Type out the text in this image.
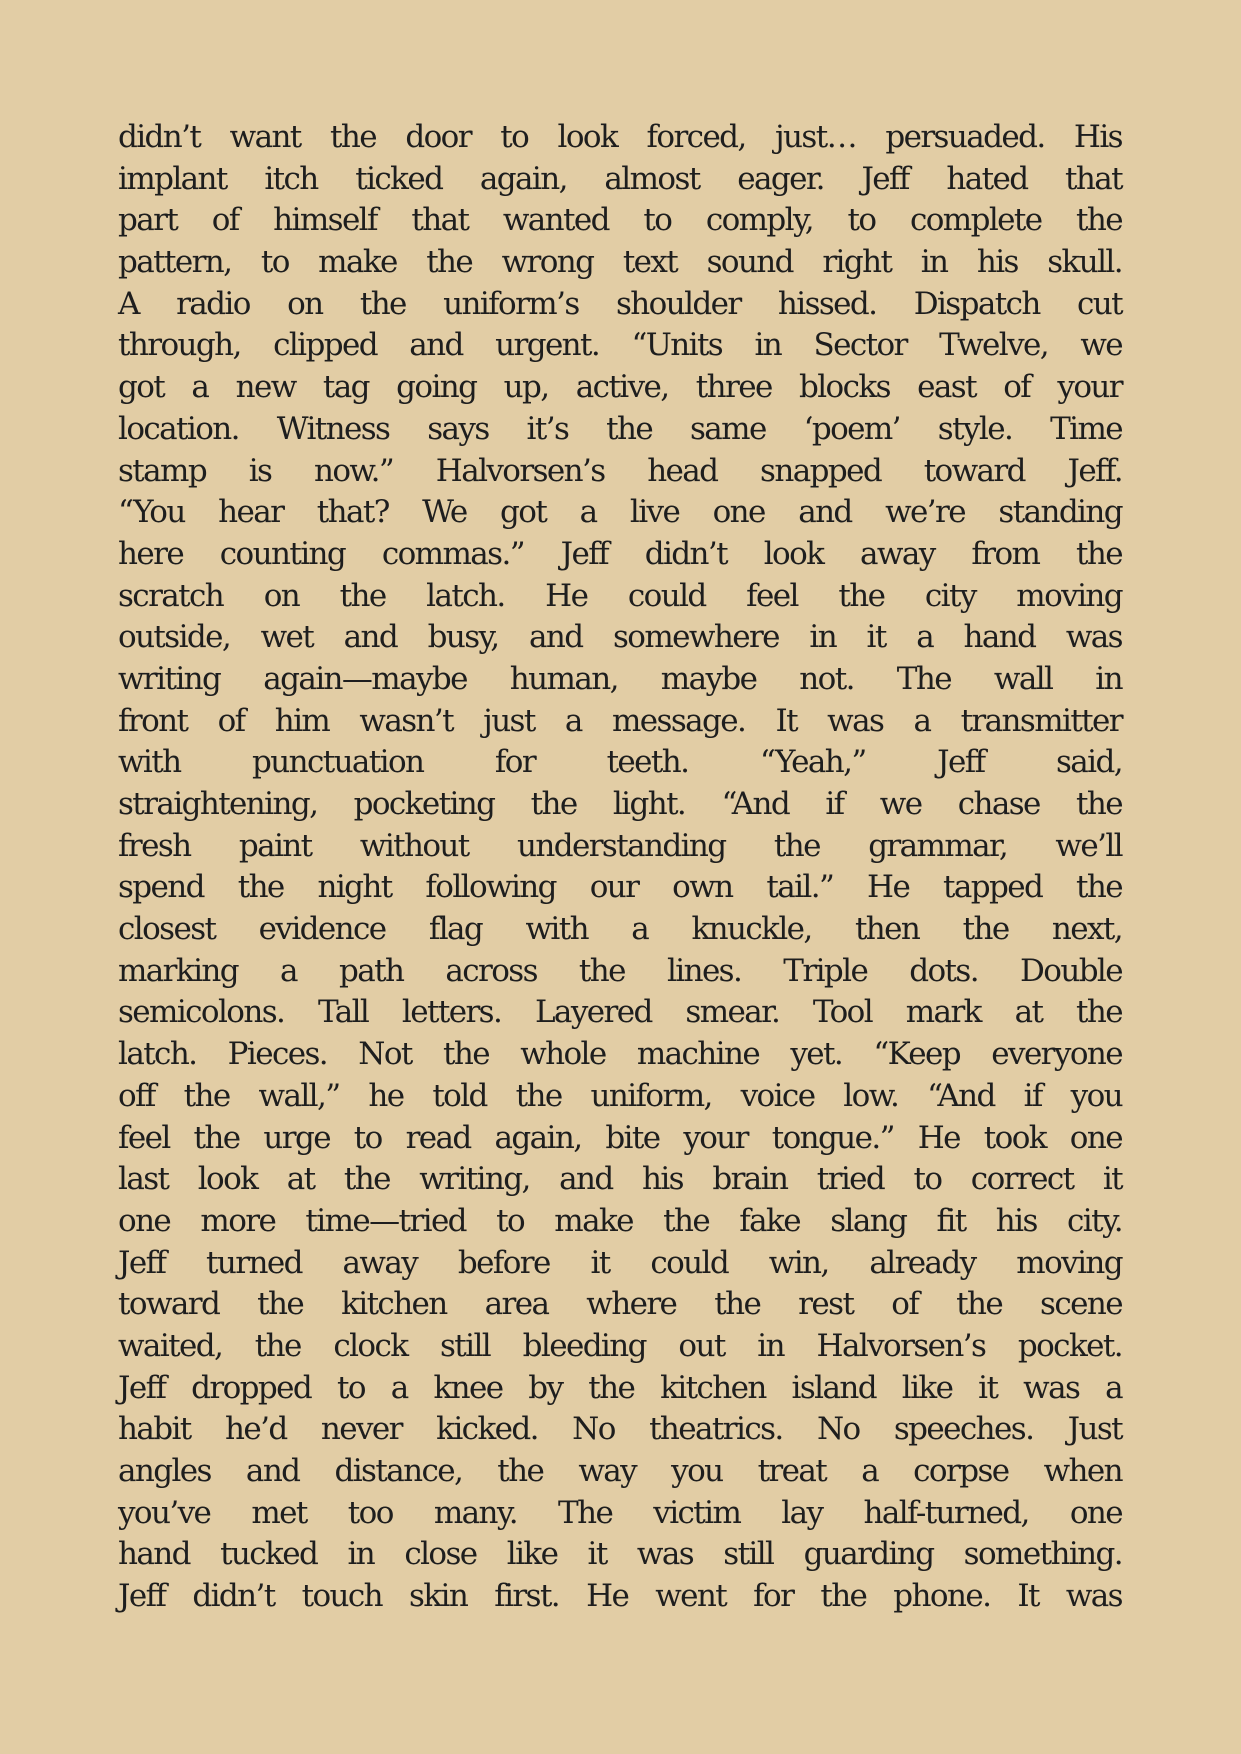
didn’t want the door to look forced, just… persuaded. His
implant itch ticked again, almost eager. Jeff hated that
part of himself that wanted to comply, to complete the
pattern, to make the wrong text sound right in his skull.
A radio on the uniform’s shoulder hissed. Dispatch cut
through, clipped and urgent. “Units in Sector Twelve, we
got a new tag going up, active, three blocks east of your
location. Witness says it’s the same ‘poem’ style. Time
stamp is now.” Halvorsen’s head snapped toward Jeff.
“You hear that? We got a live one and we’re standing
here counting commas.” Jeff didn’t look away from the
scratch on the latch. He could feel the city moving
outside, wet and busy, and somewhere in it a hand was
writing again—maybe human, maybe not. The wall in
front of him wasn’t just a message. It was a transmitter
with punctuation for teeth. “Yeah,” Jeff said,
straightening, pocketing the light. “And if we chase the
fresh paint without understanding the grammar, we’ll
spend the night following our own tail.” He tapped the
closest evidence flag with a knuckle, then the next,
marking a path across the lines. Triple dots. Double
semicolons. Tall letters. Layered smear. Tool mark at the
latch. Pieces. Not the whole machine yet. “Keep everyone
off the wall,” he told the uniform, voice low. “And if you
feel the urge to read again, bite your tongue.” He took one
last look at the writing, and his brain tried to correct it
one more time—tried to make the fake slang fit his city.
Jeff turned away before it could win, already moving
toward the kitchen area where the rest of the scene
waited, the clock still bleeding out in Halvorsen’s pocket.
Jeff dropped to a knee by the kitchen island like it was a
habit he’d never kicked. No theatrics. No speeches. Just
angles and distance, the way you treat a corpse when
you’ve met too many. The victim lay half-turned, one
hand tucked in close like it was still guarding something.
Jeff didn’t touch skin first. He went for the phone. It was
